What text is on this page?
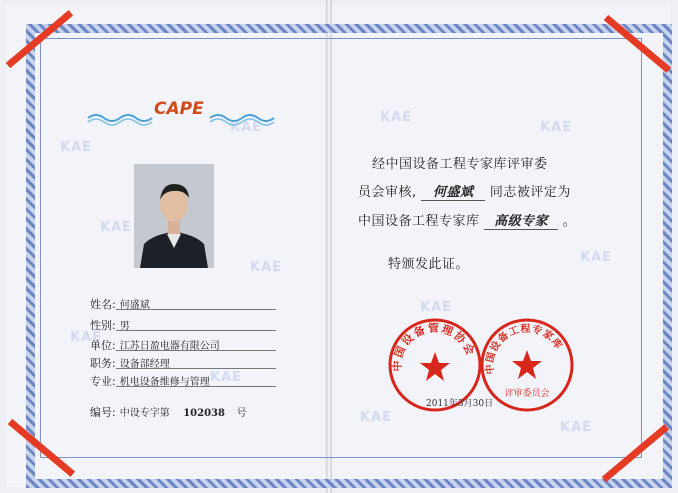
KAE
KAE
KAE
KAE
KAE
KAE
KAE
KAE
KAE
KAE
KAE
KAE
CAPE
姓名: 何盛斌
性别: 男
单位: 江苏日盈电器有限公司
职务: 设备部经理
专业: 机电设备维修与管理
编号: 中设专字第 102038 号
经中国设备工程专家库评审委
员会审核, 何盛斌 同志被评定为
中国设备工程专家库 高级专家 。
特颁发此证。
中国设备管理协会
中国设备工程专家库
评审委员会
2011年3月30日
